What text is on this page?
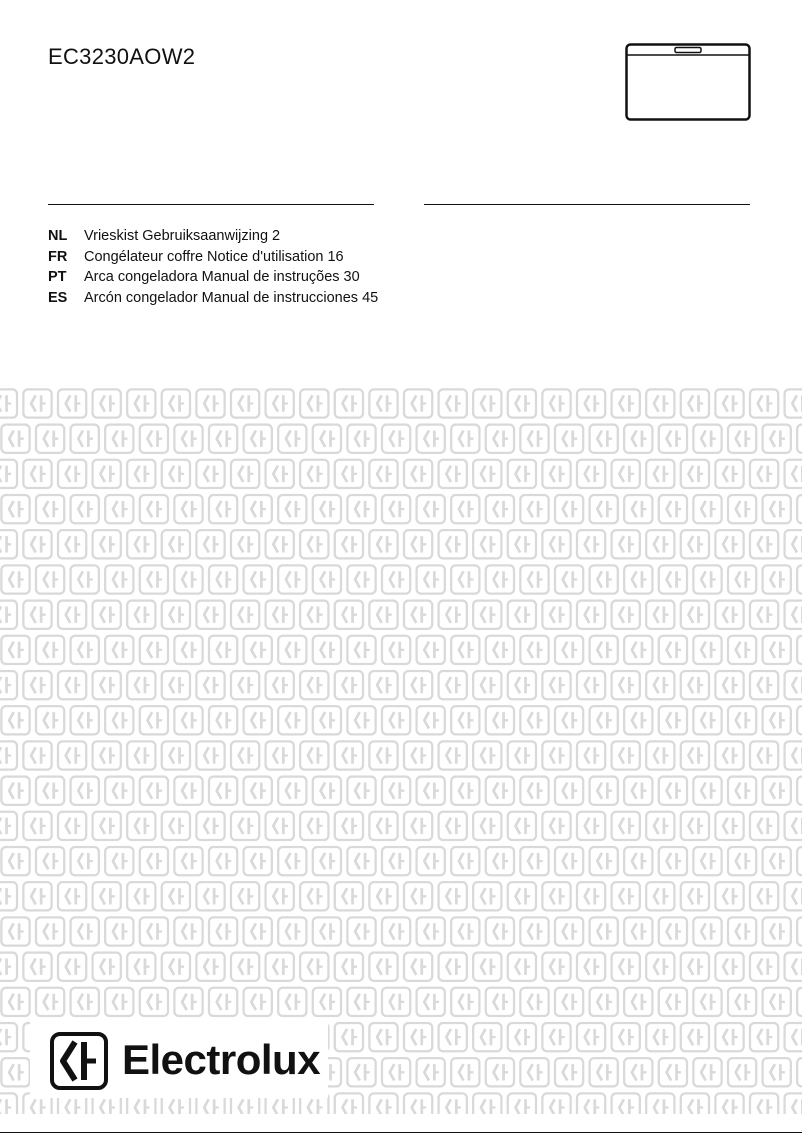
EC3230AOW2
NL Vrieskist Gebruiksaanwijzing 2
FR Congélateur coffre Notice d'utilisation 16
PT Arca congeladora Manual de instruções 30
ES Arcón congelador Manual de instrucciones 45
Electrolux
